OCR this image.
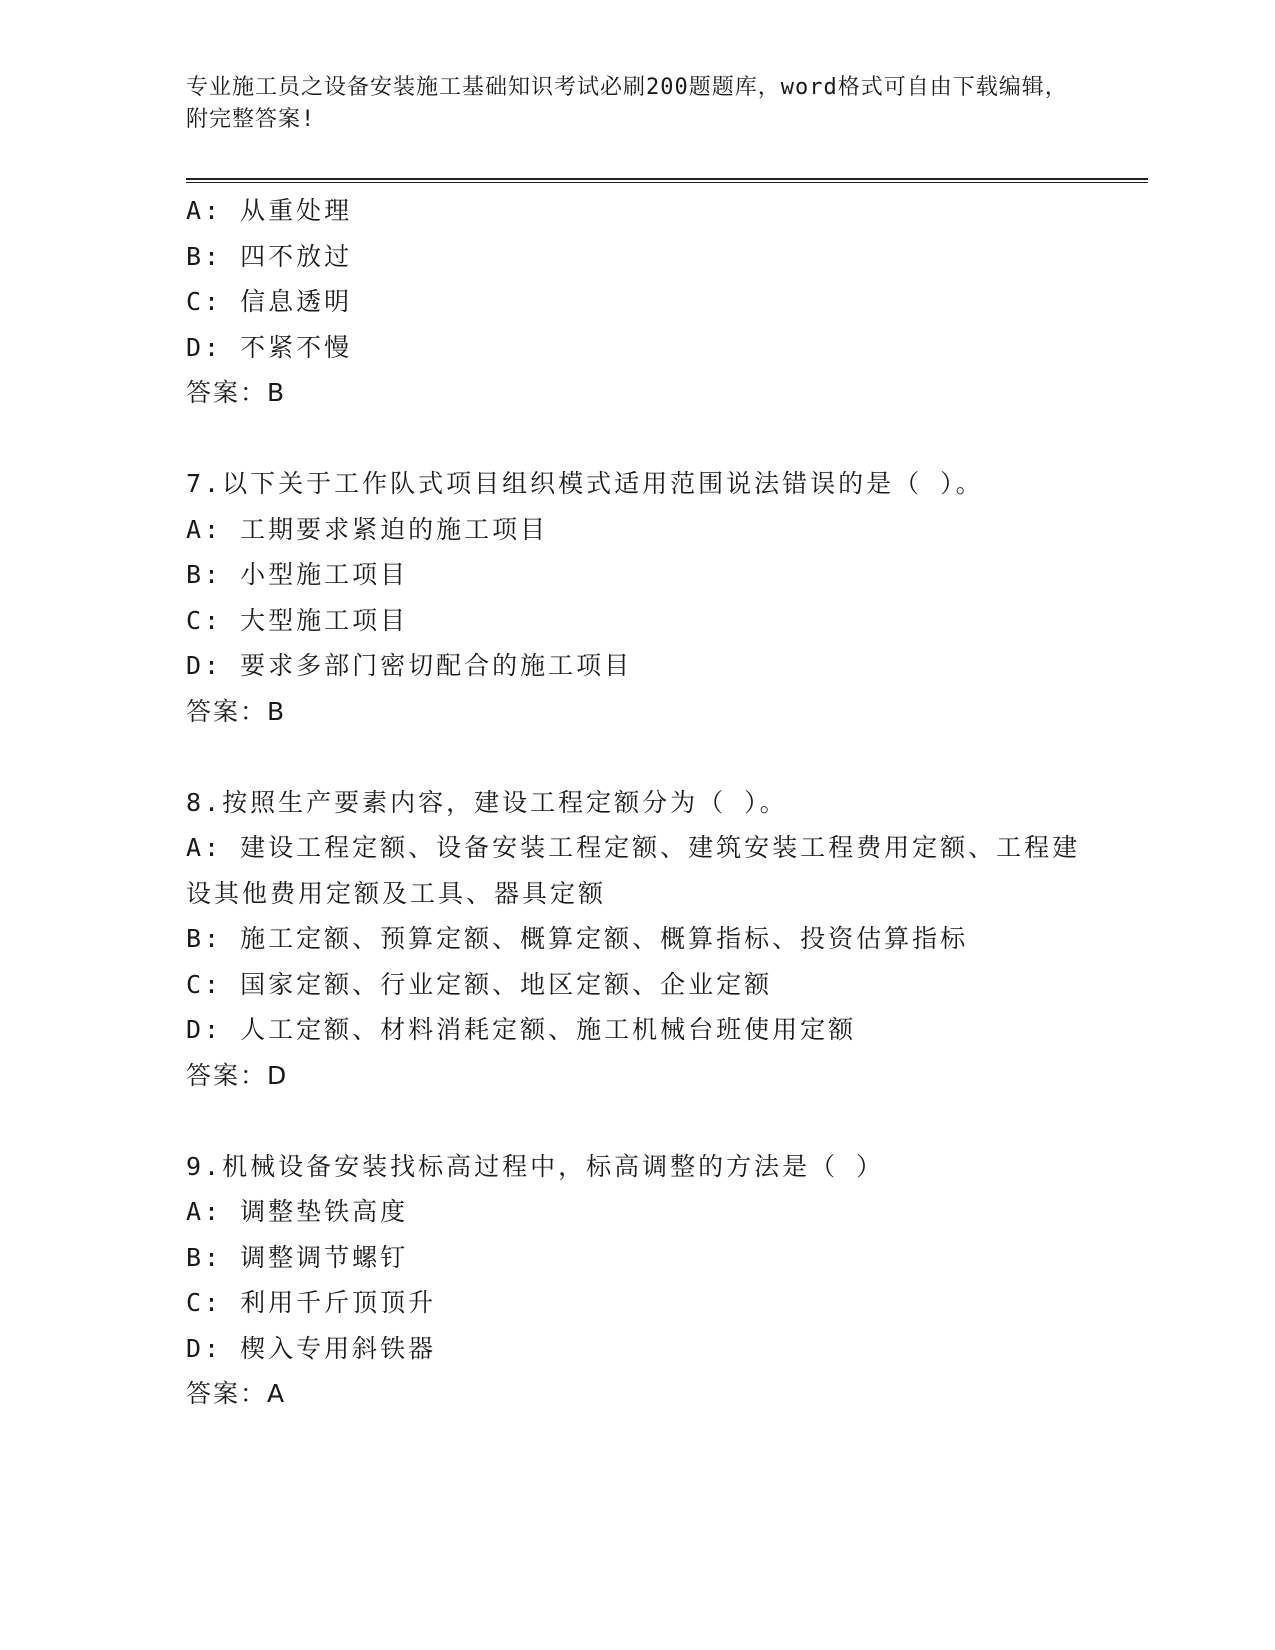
专业施工员之设备安装施工基础知识考试必刷200题题库，word格式可自由下载编辑，附完整答案!
A: 从重处理
B: 四不放过
C: 信息透明
D: 不紧不慢
答案：B
7.以下关于工作队式项目组织模式适用范围说法错误的是（ ）。
A: 工期要求紧迫的施工项目
B: 小型施工项目
C: 大型施工项目
D: 要求多部门密切配合的施工项目
答案：B
8.按照生产要素内容，建设工程定额分为（ ）。
A: 建设工程定额、设备安装工程定额、建筑安装工程费用定额、工程建设其他费用定额及工具、器具定额
B: 施工定额、预算定额、概算定额、概算指标、投资估算指标
C: 国家定额、行业定额、地区定额、企业定额
D: 人工定额、材料消耗定额、施工机械台班使用定额
答案：D
9.机械设备安装找标高过程中，标高调整的方法是（ ）
A: 调整垫铁高度
B: 调整调节螺钉
C: 利用千斤顶顶升
D: 楔入专用斜铁器
答案：A
